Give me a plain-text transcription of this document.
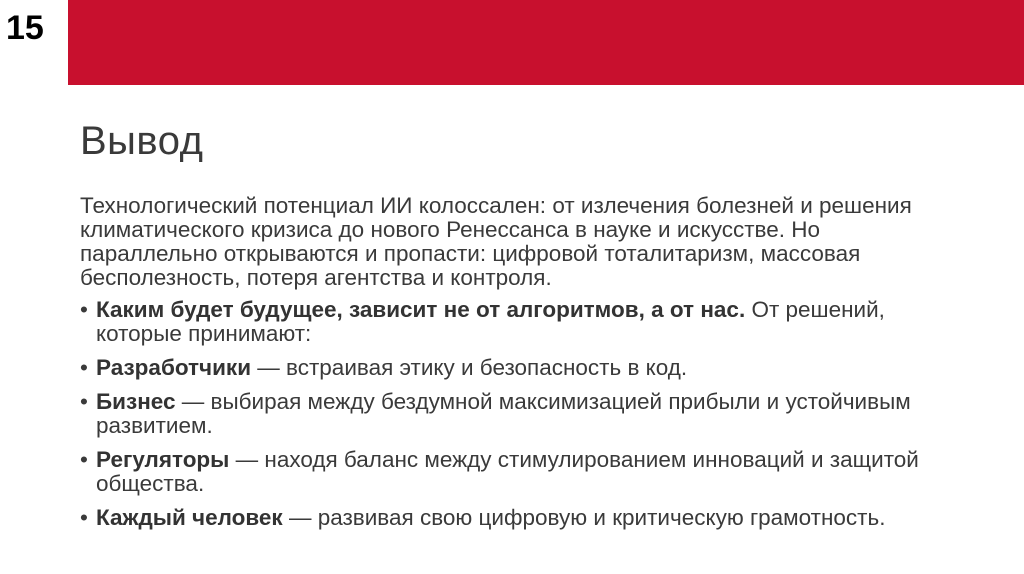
15
Вывод

Технологический потенциал ИИ колоссален: от излечения болезней и решения климатического кризиса до нового Ренессанса в науке и искусстве. Но параллельно открываются и пропасти: цифровой тоталитаризм, массовая бесполезность, потеря агентства и контроля.

• Каким будет будущее, зависит не от алгоритмов, а от нас. От решений, которые принимают:
• Разработчики — встраивая этику и безопасность в код.
• Бизнес — выбирая между бездумной максимизацией прибыли и устойчивым развитием.
• Регуляторы — находя баланс между стимулированием инноваций и защитой общества.
• Каждый человек — развивая свою цифровую и критическую грамотность.
